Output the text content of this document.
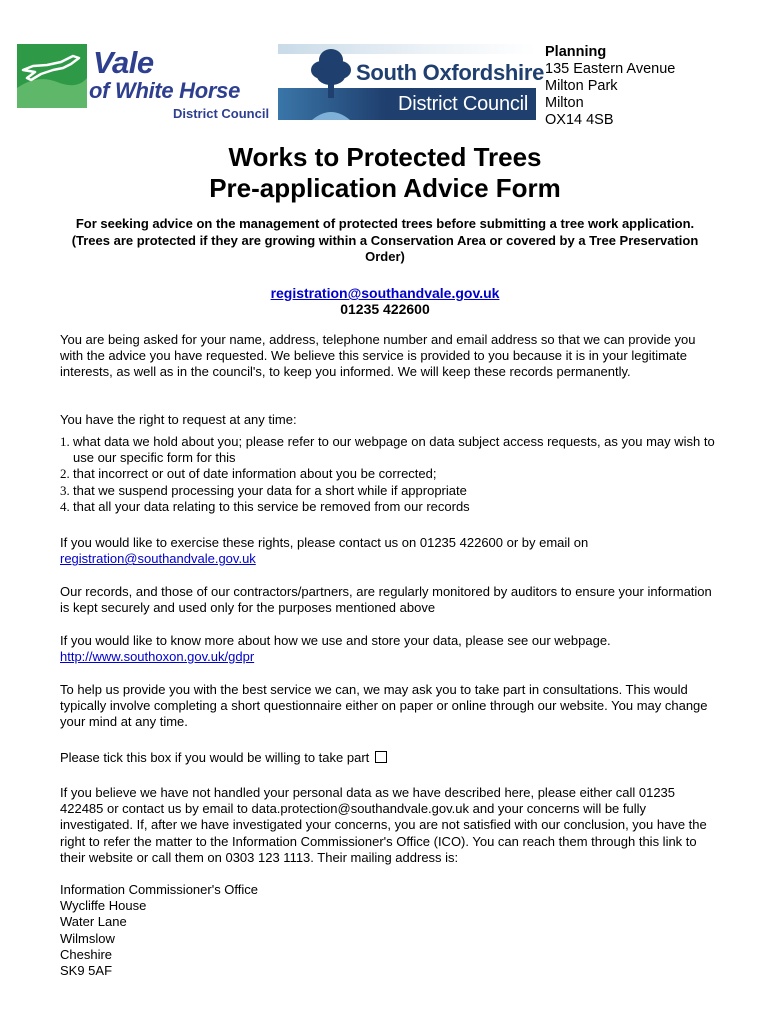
Vale
of White Horse
District Council
South Oxfordshire
District Council
Planning
135 Eastern Avenue
Milton Park
Milton
OX14 4SB
Works to Protected Trees
Pre-application Advice Form
For seeking advice on the management of protected trees before submitting a tree work application. (Trees are protected if they are growing within a Conservation Area or covered by a Tree Preservation Order)
registration@southandvale.gov.uk
01235 422600
You are being asked for your name, address, telephone number and email address so that we can provide you with the advice you have requested. We believe this service is provided to you because it is in your legitimate interests, as well as in the council's, to keep you informed. We will keep these records permanently.
You have the right to request at any time:
1. what data we hold about you; please refer to our webpage on data subject access requests, as you may wish to use our specific form for this
2. that incorrect or out of date information about you be corrected;
3. that we suspend processing your data for a short while if appropriate
4. that all your data relating to this service be removed from our records
If you would like to exercise these rights, please contact us on 01235 422600 or by email on
registration@southandvale.gov.uk
Our records, and those of our contractors/partners, are regularly monitored by auditors to ensure your information is kept securely and used only for the purposes mentioned above
If you would like to know more about how we use and store your data, please see our webpage.
http://www.southoxon.gov.uk/gdpr
To help us provide you with the best service we can, we may ask you to take part in consultations. This would typically involve completing a short questionnaire either on paper or online through our website. You may change your mind at any time.
Please tick this box if you would be willing to take part
If you believe we have not handled your personal data as we have described here, please either call 01235 422485 or contact us by email to data.protection@southandvale.gov.uk and your concerns will be fully investigated. If, after we have investigated your concerns, you are not satisfied with our conclusion, you have the right to refer the matter to the Information Commissioner's Office (ICO). You can reach them through this link to their website or call them on 0303 123 1113. Their mailing address is:
Information Commissioner's Office
Wycliffe House
Water Lane
Wilmslow
Cheshire
SK9 5AF
